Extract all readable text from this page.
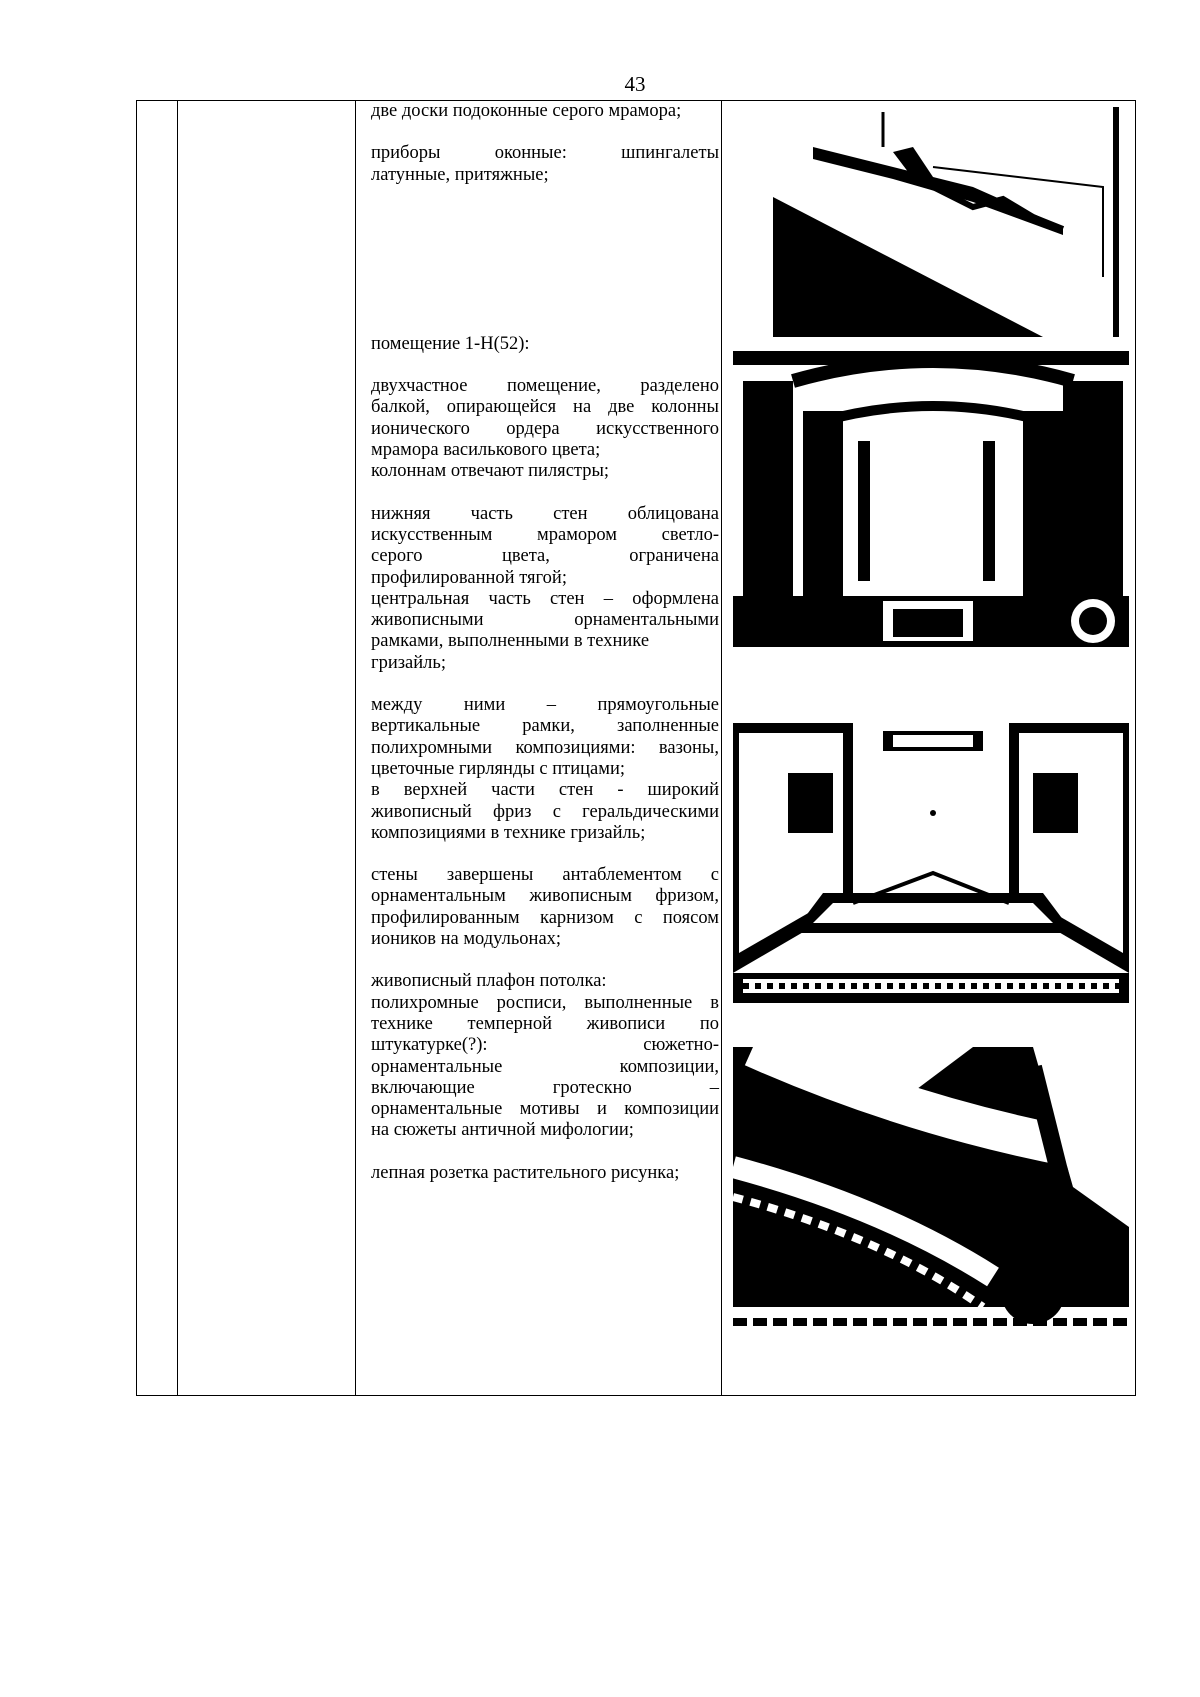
43

две доски подоконные серого мрамора;

приборы оконные: шпингалеты
латунные, притяжные;

помещение 1-Н(52):

двухчастное помещение, разделено
балкой, опирающейся на две колонны
ионического ордера искусственного
мрамора василькового цвета;
колоннам отвечают пилястры;

нижняя часть стен облицована
искусственным мрамором светло-
серого цвета, ограничена
профилированной тягой;
центральная часть стен – оформлена
живописными орнаментальными
рамками, выполненными в технике
гризайль;

между ними – прямоугольные
вертикальные рамки, заполненные
полихромными композициями: вазоны,
цветочные гирлянды с птицами;
в верхней части стен - широкий
живописный фриз с геральдическими
композициями в технике гризайль;

стены завершены антаблементом с
орнаментальным живописным фризом,
профилированным карнизом с поясом
иоников на модульонах;

живописный плафон потолка:
полихромные росписи, выполненные в
технике темперной живописи по
штукатурке(?): сюжетно-
орнаментальные композиции,
включающие гротескно –
орнаментальные мотивы и композиции
на сюжеты античной мифологии;

лепная розетка растительного рисунка;
